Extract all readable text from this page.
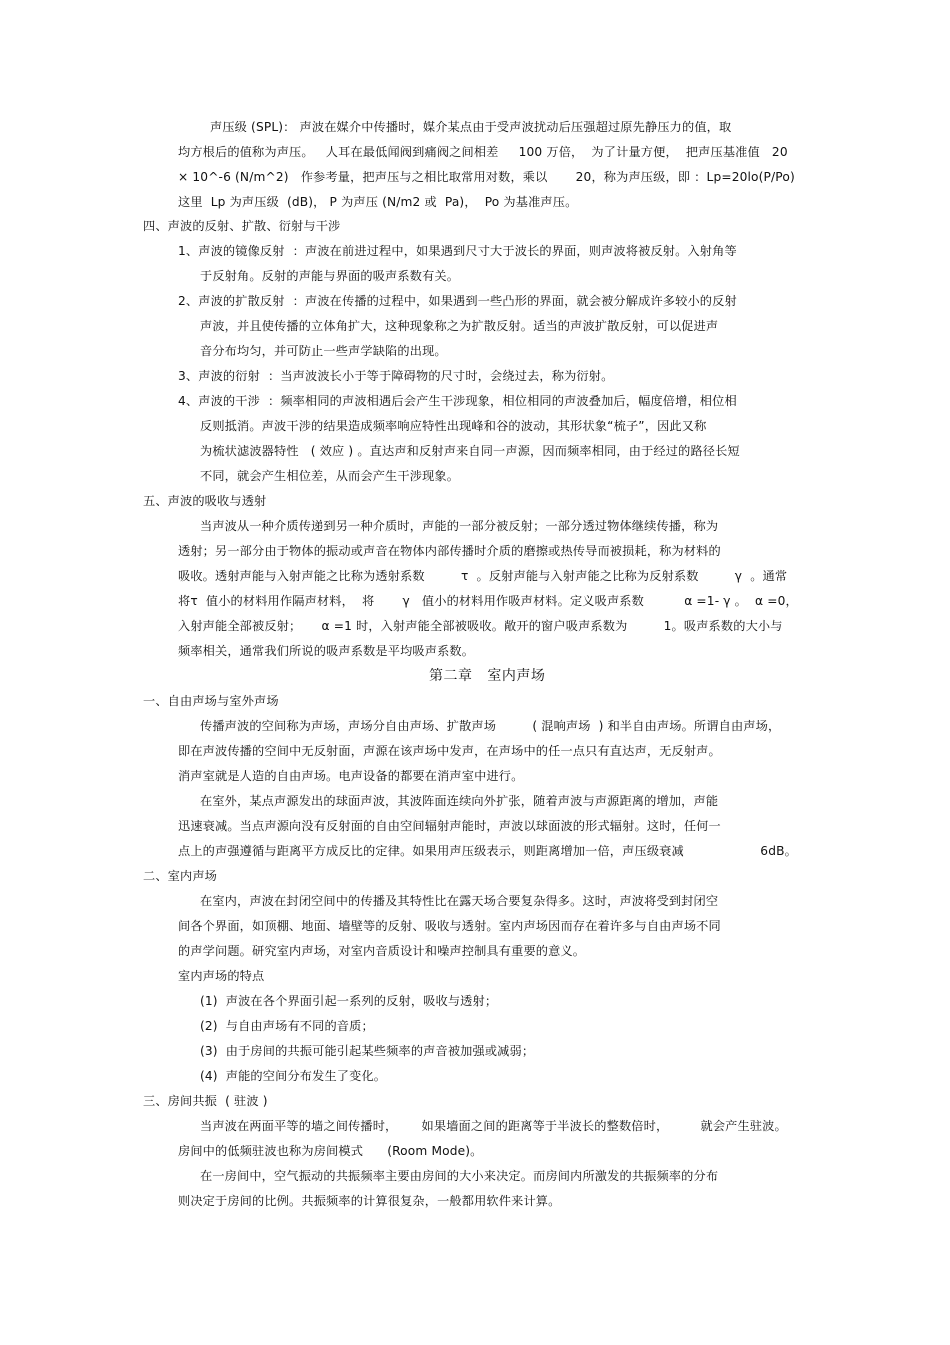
声压级 (SPL)： 声波在媒介中传播时，媒介某点由于受声波扰动后压强超过原先静压力的值，取
均方根后的值称为声压。   人耳在最低闻阀到痛阀之间相差     100 万倍，  为了计量方便，  把声压基准值   20
× 10^-6 (N/m^2)   作参考量，把声压与之相比取常用对数，乘以       20，称为声压级，即 ：Lp=20lo(P/Po)
这里  Lp 为声压级  (dB)， P 为声压 (N/m2 或  Pa)，  Po 为基准声压。
四、声波的反射、扩散、衍射与干涉
1、声波的镜像反射  ：声波在前进过程中，如果遇到尺寸大于波长的界面，则声波将被反射。入射角等
于反射角。反射的声能与界面的吸声系数有关。
2、声波的扩散反射  ：声波在传播的过程中，如果遇到一些凸形的界面，就会被分解成许多较小的反射
声波，并且使传播的立体角扩大，这种现象称之为扩散反射。适当的声波扩散反射，可以促进声
音分布均匀，并可防止一些声学缺陷的出现。
3、声波的衍射  ：当声波波长小于等于障碍物的尺寸时，会绕过去，称为衍射。
4、声波的干涉  ：频率相同的声波相遇后会产生干涉现象，相位相同的声波叠加后，幅度倍增，相位相
反则抵消。声波干涉的结果造成频率响应特性出现峰和谷的波动，其形状象“梳子”，因此又称
为梳状滤波器特性   ( 效应 ) 。直达声和反射声来自同一声源，因而频率相同，由于经过的路径长短
不同，就会产生相位差，从而会产生干涉现象。
五、声波的吸收与透射
当声波从一种介质传递到另一种介质时，声能的一部分被反射；一部分透过物体继续传播，称为
透射；另一部分由于物体的振动或声音在物体内部传播时介质的磨擦或热传导而被损耗，称为材料的
吸收。透射声能与入射声能之比称为透射系数         τ  。反射声能与入射声能之比称为反射系数         γ  。通常
将τ  值小的材料用作隔声材料，  将       γ   值小的材料用作吸声材料。定义吸声系数          α =1- γ 。  α =0，
入射声能全部被反射；     α =1 时，入射声能全部被吸收。敞开的窗户吸声系数为         1。吸声系数的大小与
频率相关，通常我们所说的吸声系数是平均吸声系数。
第二章   室内声场
一、自由声场与室外声场
传播声波的空间称为声场，声场分自由声场、扩散声场         ( 混响声场  ) 和半自由声场。所谓自由声场，
即在声波传播的空间中无反射面，声源在该声场中发声，在声场中的任一点只有直达声，无反射声。
消声室就是人造的自由声场。电声设备的都要在消声室中进行。
在室外，某点声源发出的球面声波，其波阵面连续向外扩张，随着声波与声源距离的增加，声能
迅速衰减。当点声源向没有反射面的自由空间辐射声能时，声波以球面波的形式辐射。这时，任何一
点上的声强遵循与距离平方成反比的定律。如果用声压级表示，则距离增加一倍，声压级衰减                   6dB。
二、室内声场
在室内，声波在封闭空间中的传播及其特性比在露天场合要复杂得多。这时，声波将受到封闭空
间各个界面，如顶棚、地面、墙壁等的反射、吸收与透射。室内声场因而存在着许多与自由声场不同
的声学问题。研究室内声场，对室内音质设计和噪声控制具有重要的意义。
室内声场的特点
(1)  声波在各个界面引起一系列的反射，吸收与透射；
(2)  与自由声场有不同的音质；
(3)  由于房间的共振可能引起某些频率的声音被加强或减弱；
(4)  声能的空间分布发生了变化。
三、房间共振  ( 驻波 )
当声波在两面平等的墙之间传播时，      如果墙面之间的距离等于半波长的整数倍时，        就会产生驻波。
房间中的低频驻波也称为房间模式      (Room Mode)。
在一房间中，空气振动的共振频率主要由房间的大小来决定。而房间内所激发的共振频率的分布
则决定于房间的比例。共振频率的计算很复杂，一般都用软件来计算。
